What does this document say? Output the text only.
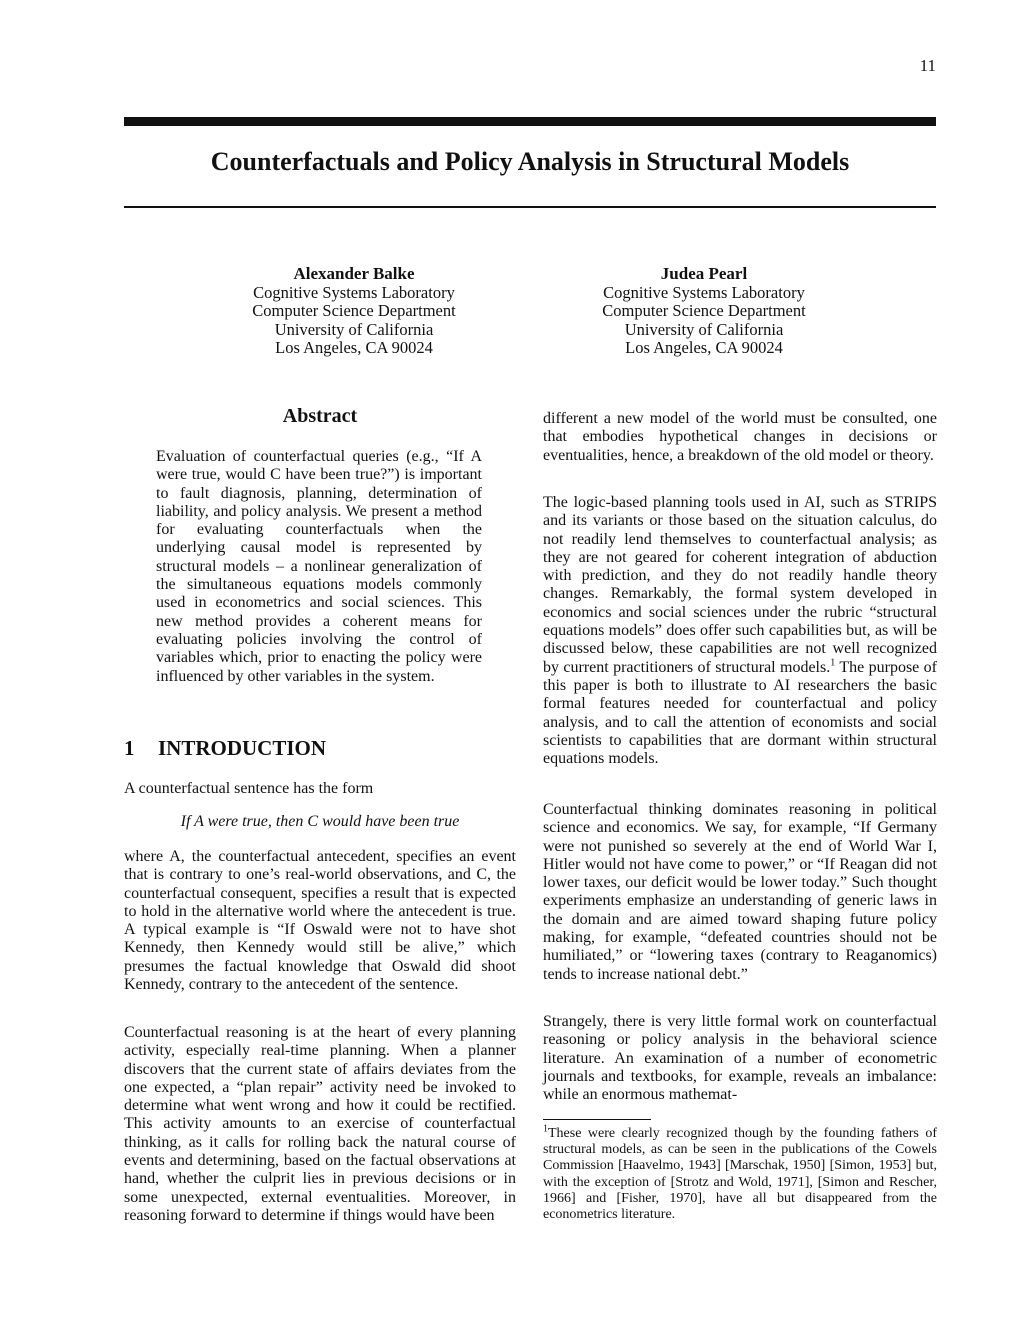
11
Counterfactuals and Policy Analysis in Structural Models
Alexander Balke
Cognitive Systems Laboratory
Computer Science Department
University of California
Los Angeles, CA 90024
Judea Pearl
Cognitive Systems Laboratory
Computer Science Department
University of California
Los Angeles, CA 90024
Abstract

Evaluation of counterfactual queries (e.g., “If A were true, would C have been true?”) is important to fault diagnosis, planning, determination of liability, and policy analysis. We present a method for evaluating counterfactuals when the underlying causal model is represented by structural models – a nonlinear generalization of the simultaneous equations models commonly used in econometrics and social sciences. This new method provides a coherent means for evaluating policies involving the control of variables which, prior to enacting the policy were influenced by other variables in the system.

1 INTRODUCTION

A counterfactual sentence has the form

If A were true, then C would have been true

where A, the counterfactual antecedent, specifies an event that is contrary to one’s real-world observations, and C, the counterfactual consequent, specifies a result that is expected to hold in the alternative world where the antecedent is true. A typical example is “If Oswald were not to have shot Kennedy, then Kennedy would still be alive,” which presumes the factual knowledge that Oswald did shoot Kennedy, contrary to the antecedent of the sentence.

Counterfactual reasoning is at the heart of every planning activity, especially real-time planning. When a planner discovers that the current state of affairs deviates from the one expected, a “plan repair” activity need be invoked to determine what went wrong and how it could be rectified. This activity amounts to an exercise of counterfactual thinking, as it calls for rolling back the natural course of events and determining, based on the factual observations at hand, whether the culprit lies in previous decisions or in some unexpected, external eventualities. Moreover, in reasoning forward to determine if things would have been

different a new model of the world must be consulted, one that embodies hypothetical changes in decisions or eventualities, hence, a breakdown of the old model or theory.

The logic-based planning tools used in AI, such as STRIPS and its variants or those based on the situation calculus, do not readily lend themselves to counterfactual analysis; as they are not geared for coherent integration of abduction with prediction, and they do not readily handle theory changes. Remarkably, the formal system developed in economics and social sciences under the rubric “structural equations models” does offer such capabilities but, as will be discussed below, these capabilities are not well recognized by current practitioners of structural models.$^1$ The purpose of this paper is both to illustrate to AI researchers the basic formal features needed for counterfactual and policy analysis, and to call the attention of economists and social scientists to capabilities that are dormant within structural equations models.

Counterfactual thinking dominates reasoning in political science and economics. We say, for example, “If Germany were not punished so severely at the end of World War I, Hitler would not have come to power,” or “If Reagan did not lower taxes, our deficit would be lower today.” Such thought experiments emphasize an understanding of generic laws in the domain and are aimed toward shaping future policy making, for example, “defeated countries should not be humiliated,” or “lowering taxes (contrary to Reaganomics) tends to increase national debt.”

Strangely, there is very little formal work on counterfactual reasoning or policy analysis in the behavioral science literature. An examination of a number of econometric journals and textbooks, for example, reveals an imbalance: while an enormous mathemat-

$^1$These were clearly recognized though by the founding fathers of structural models, as can be seen in the publications of the Cowels Commission [Haavelmo, 1943] [Marschak, 1950] [Simon, 1953] but, with the exception of [Strotz and Wold, 1971], [Simon and Rescher, 1966] and [Fisher, 1970], have all but disappeared from the econometrics literature.
